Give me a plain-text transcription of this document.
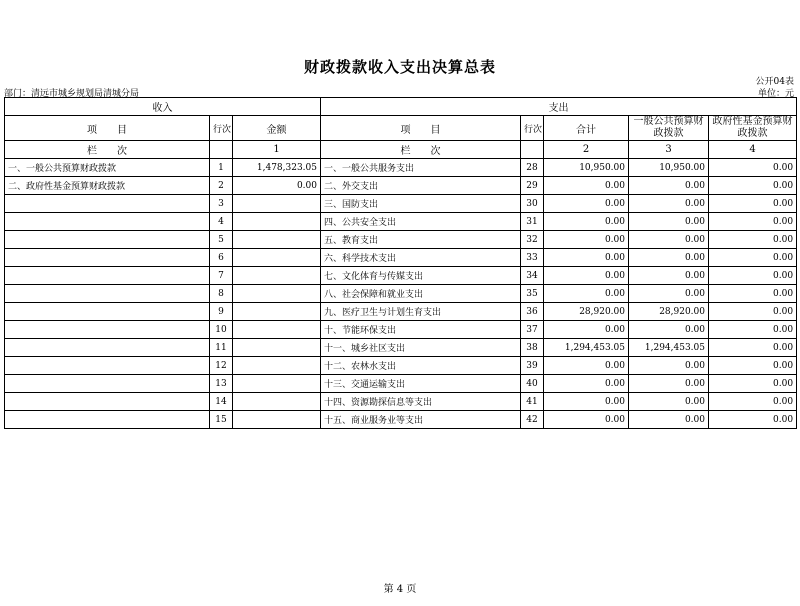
财政拨款收入支出决算总表
公开04表
部门：清远市城乡规划局清城分局	单位：元
收入			支出				
项　　目	行次	金额	项　　目	行次	合计	一般公共预算财政拨款	政府性基金预算财政拨款
栏　　次		1	栏　　次		2	3	4
一、一般公共预算财政拨款	1	1,478,323.05	一、一般公共服务支出	28	10,950.00	10,950.00	0.00
二、政府性基金预算财政拨款	2	0.00	二、外交支出	29	0.00	0.00	0.00
	3		三、国防支出	30	0.00	0.00	0.00
	4		四、公共安全支出	31	0.00	0.00	0.00
	5		五、教育支出	32	0.00	0.00	0.00
	6		六、科学技术支出	33	0.00	0.00	0.00
	7		七、文化体育与传媒支出	34	0.00	0.00	0.00
	8		八、社会保障和就业支出	35	0.00	0.00	0.00
	9		九、医疗卫生与计划生育支出	36	28,920.00	28,920.00	0.00
	10		十、节能环保支出	37	0.00	0.00	0.00
	11		十一、城乡社区支出	38	1,294,453.05	1,294,453.05	0.00
	12		十二、农林水支出	39	0.00	0.00	0.00
	13		十三、交通运输支出	40	0.00	0.00	0.00
	14		十四、资源勘探信息等支出	41	0.00	0.00	0.00
	15		十五、商业服务业等支出	42	0.00	0.00	0.00
第 4 页
